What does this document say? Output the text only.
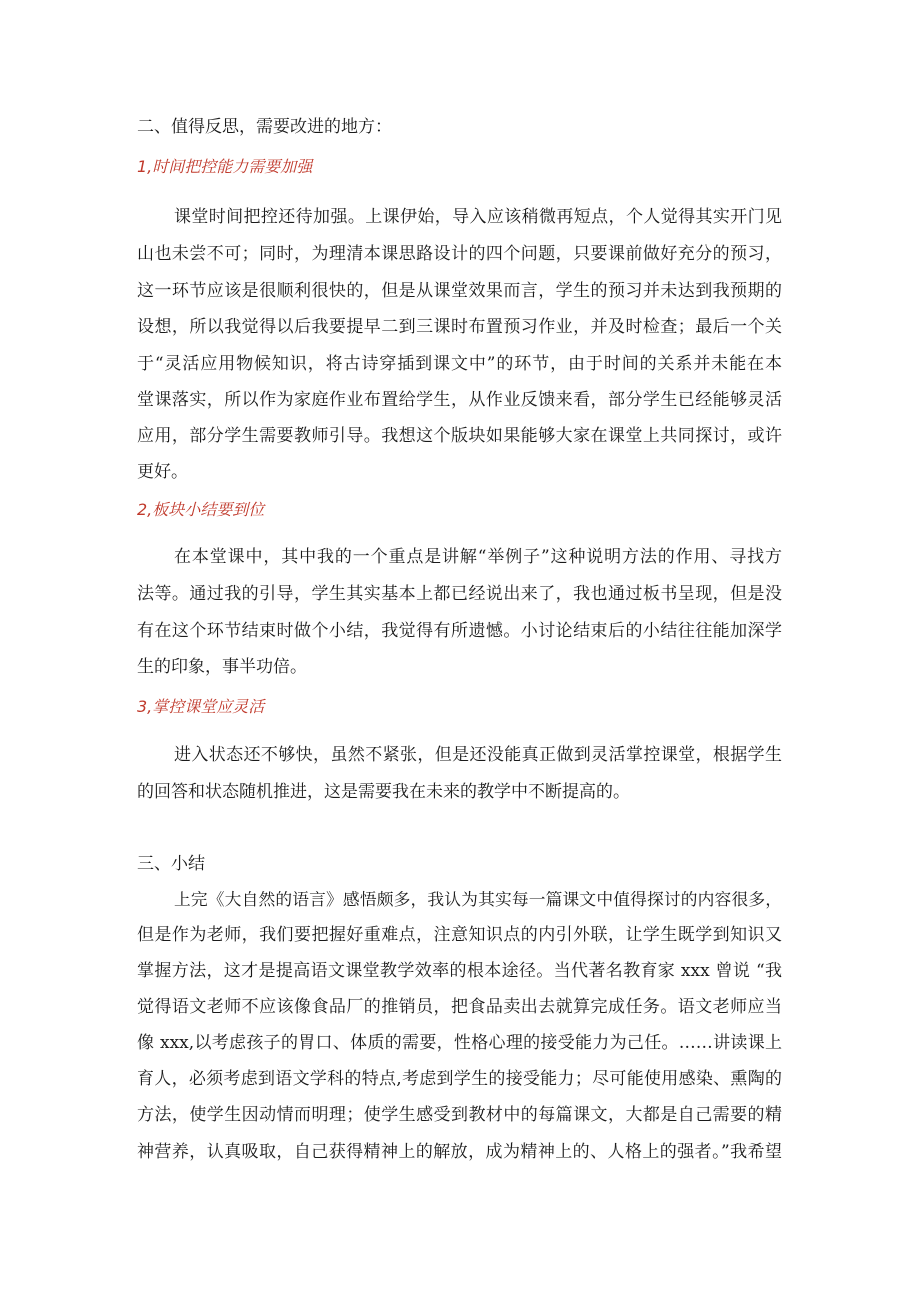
二、值得反思，需要改进的地方：

1,时间把控能力需要加强

课堂时间把控还待加强。上课伊始，导入应该稍微再短点，个人觉得其实开门见

山也未尝不可；同时，为理清本课思路设计的四个问题，只要课前做好充分的预习，

这一环节应该是很顺利很快的，但是从课堂效果而言，学生的预习并未达到我预期的

设想，所以我觉得以后我要提早二到三课时布置预习作业，并及时检查；最后一个关

于“灵活应用物候知识，将古诗穿插到课文中”的环节，由于时间的关系并未能在本

堂课落实，所以作为家庭作业布置给学生，从作业反馈来看，部分学生已经能够灵活

应用，部分学生需要教师引导。我想这个版块如果能够大家在课堂上共同探讨，或许

更好。

2,板块小结要到位

在本堂课中，其中我的一个重点是讲解“举例子”这种说明方法的作用、寻找方

法等。通过我的引导，学生其实基本上都已经说出来了，我也通过板书呈现，但是没

有在这个环节结束时做个小结，我觉得有所遗憾。小讨论结束后的小结往往能加深学

生的印象，事半功倍。

3,掌控课堂应灵活

进入状态还不够快，虽然不紧张，但是还没能真正做到灵活掌控课堂，根据学生

的回答和状态随机推进，这是需要我在未来的教学中不断提高的。

三、小结

上完《大自然的语言》感悟颇多，我认为其实每一篇课文中值得探讨的内容很多，

但是作为老师，我们要把握好重难点，注意知识点的内引外联，让学生既学到知识又

掌握方法，这才是提高语文课堂教学效率的根本途径。当代著名教育家 xxx 曾说 “我

觉得语文老师不应该像食品厂的推销员，把食品卖出去就算完成任务。语文老师应当

像 xxx,以考虑孩子的胃口、体质的需要，性格心理的接受能力为己任。……讲读课上

育人，必须考虑到语文学科的特点,考虑到学生的接受能力；尽可能使用感染、熏陶的

方法，使学生因动情而明理；使学生感受到教材中的每篇课文，大都是自己需要的精

神营养，认真吸取，自己获得精神上的解放，成为精神上的、人格上的强者。”我希望
